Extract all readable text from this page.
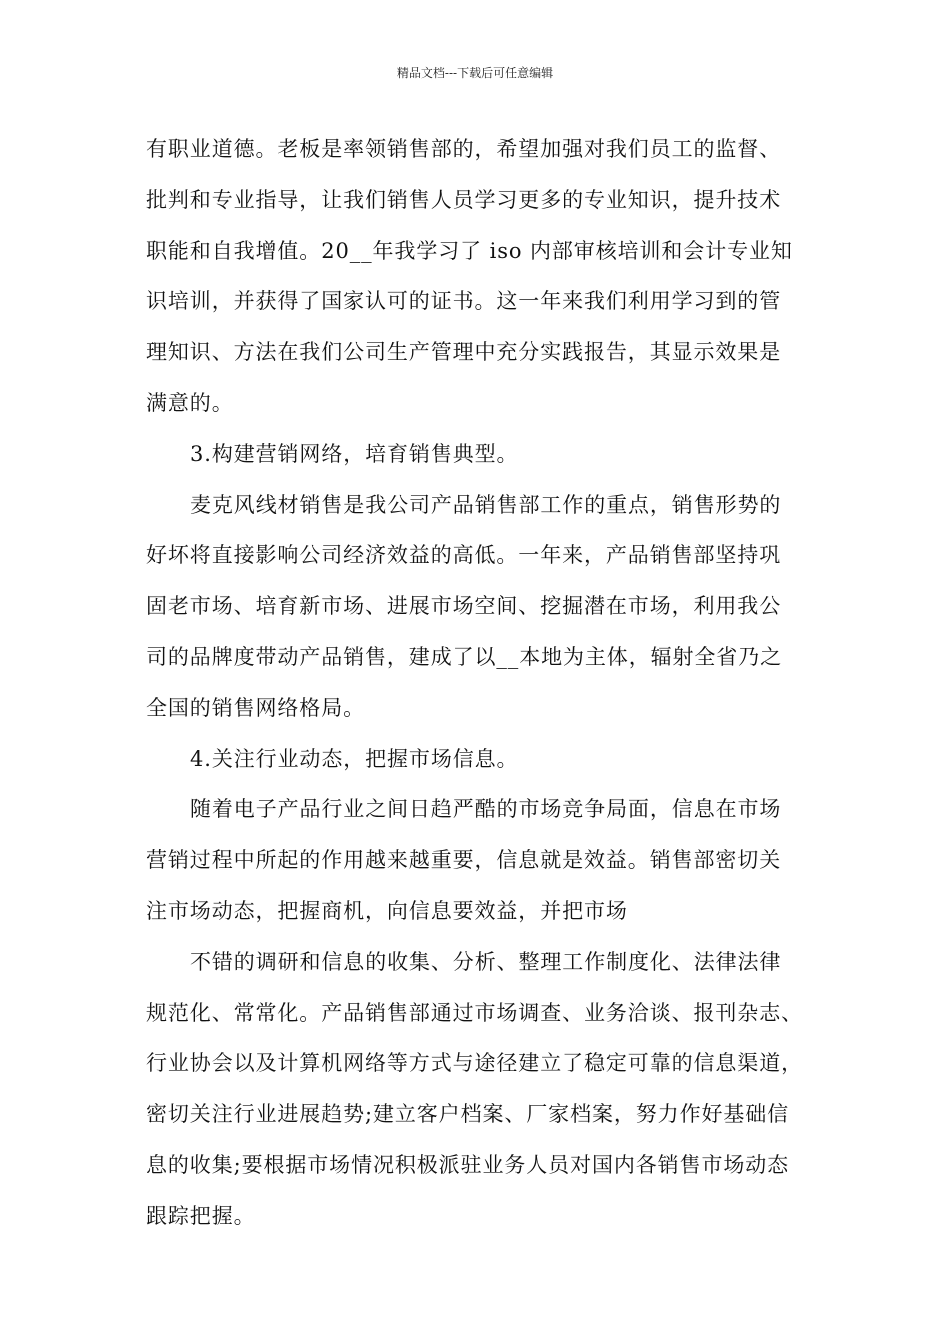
精品文档---下载后可任意编辑
有职业道德。老板是率领销售部的，希望加强对我们员工的监督、
批判和专业指导，让我们销售人员学习更多的专业知识，提升技术
职能和自我增值。20__年我学习了 iso 内部审核培训和会计专业知
识培训，并获得了国家认可的证书。这一年来我们利用学习到的管
理知识、方法在我们公司生产管理中充分实践报告，其显示效果是
满意的。
3.构建营销网络，培育销售典型。
麦克风线材销售是我公司产品销售部工作的重点，销售形势的
好坏将直接影响公司经济效益的高低。一年来，产品销售部坚持巩
固老市场、培育新市场、进展市场空间、挖掘潜在市场，利用我公
司的品牌度带动产品销售，建成了以__本地为主体，辐射全省乃之
全国的销售网络格局。
4.关注行业动态，把握市场信息。
随着电子产品行业之间日趋严酷的市场竞争局面，信息在市场
营销过程中所起的作用越来越重要，信息就是效益。销售部密切关
注市场动态，把握商机，向信息要效益，并把市场
不错的调研和信息的收集、分析、整理工作制度化、法律法律
规范化、常常化。产品销售部通过市场调查、业务洽谈、报刊杂志、
行业协会以及计算机网络等方式与途径建立了稳定可靠的信息渠道，
密切关注行业进展趋势;建立客户档案、厂家档案，努力作好基础信
息的收集;要根据市场情况积极派驻业务人员对国内各销售市场动态
跟踪把握。
